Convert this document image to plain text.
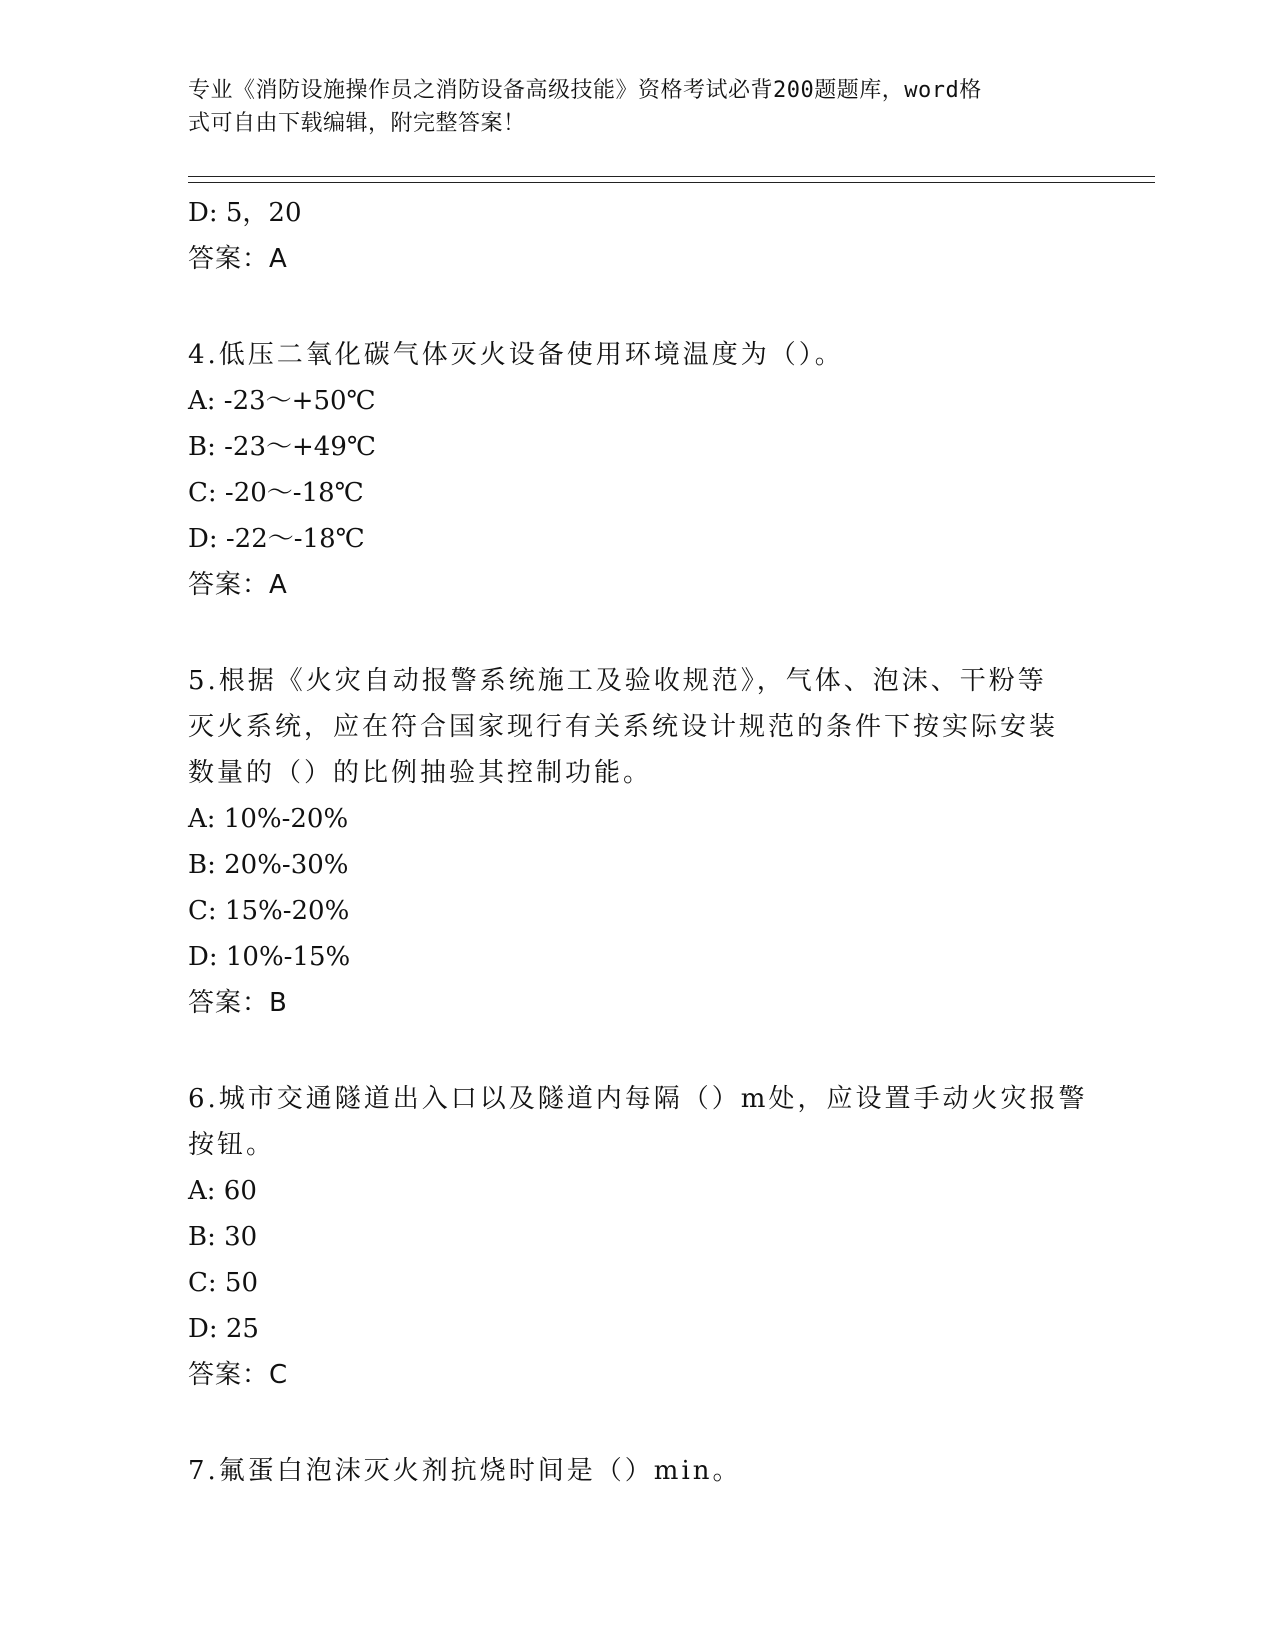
专业《消防设施操作员之消防设备高级技能》资格考试必背200题题库，word格
式可自由下载编辑，附完整答案！
D: 5，20
答案：A
4.低压二氧化碳气体灭火设备使用环境温度为（）。
A: -23～+50℃
B: -23～+49℃
C: -20～-18℃
D: -22～-18℃
答案：A
5.根据《火灾自动报警系统施工及验收规范》，气体、泡沫、干粉等
灭火系统，应在符合国家现行有关系统设计规范的条件下按实际安装
数量的（）的比例抽验其控制功能。
A: 10%-20%
B: 20%-30%
C: 15%-20%
D: 10%-15%
答案：B
6.城市交通隧道出入口以及隧道内每隔（）m处，应设置手动火灾报警
按钮。
A: 60
B: 30
C: 50
D: 25
答案：C
7.氟蛋白泡沫灭火剂抗烧时间是（）min。
